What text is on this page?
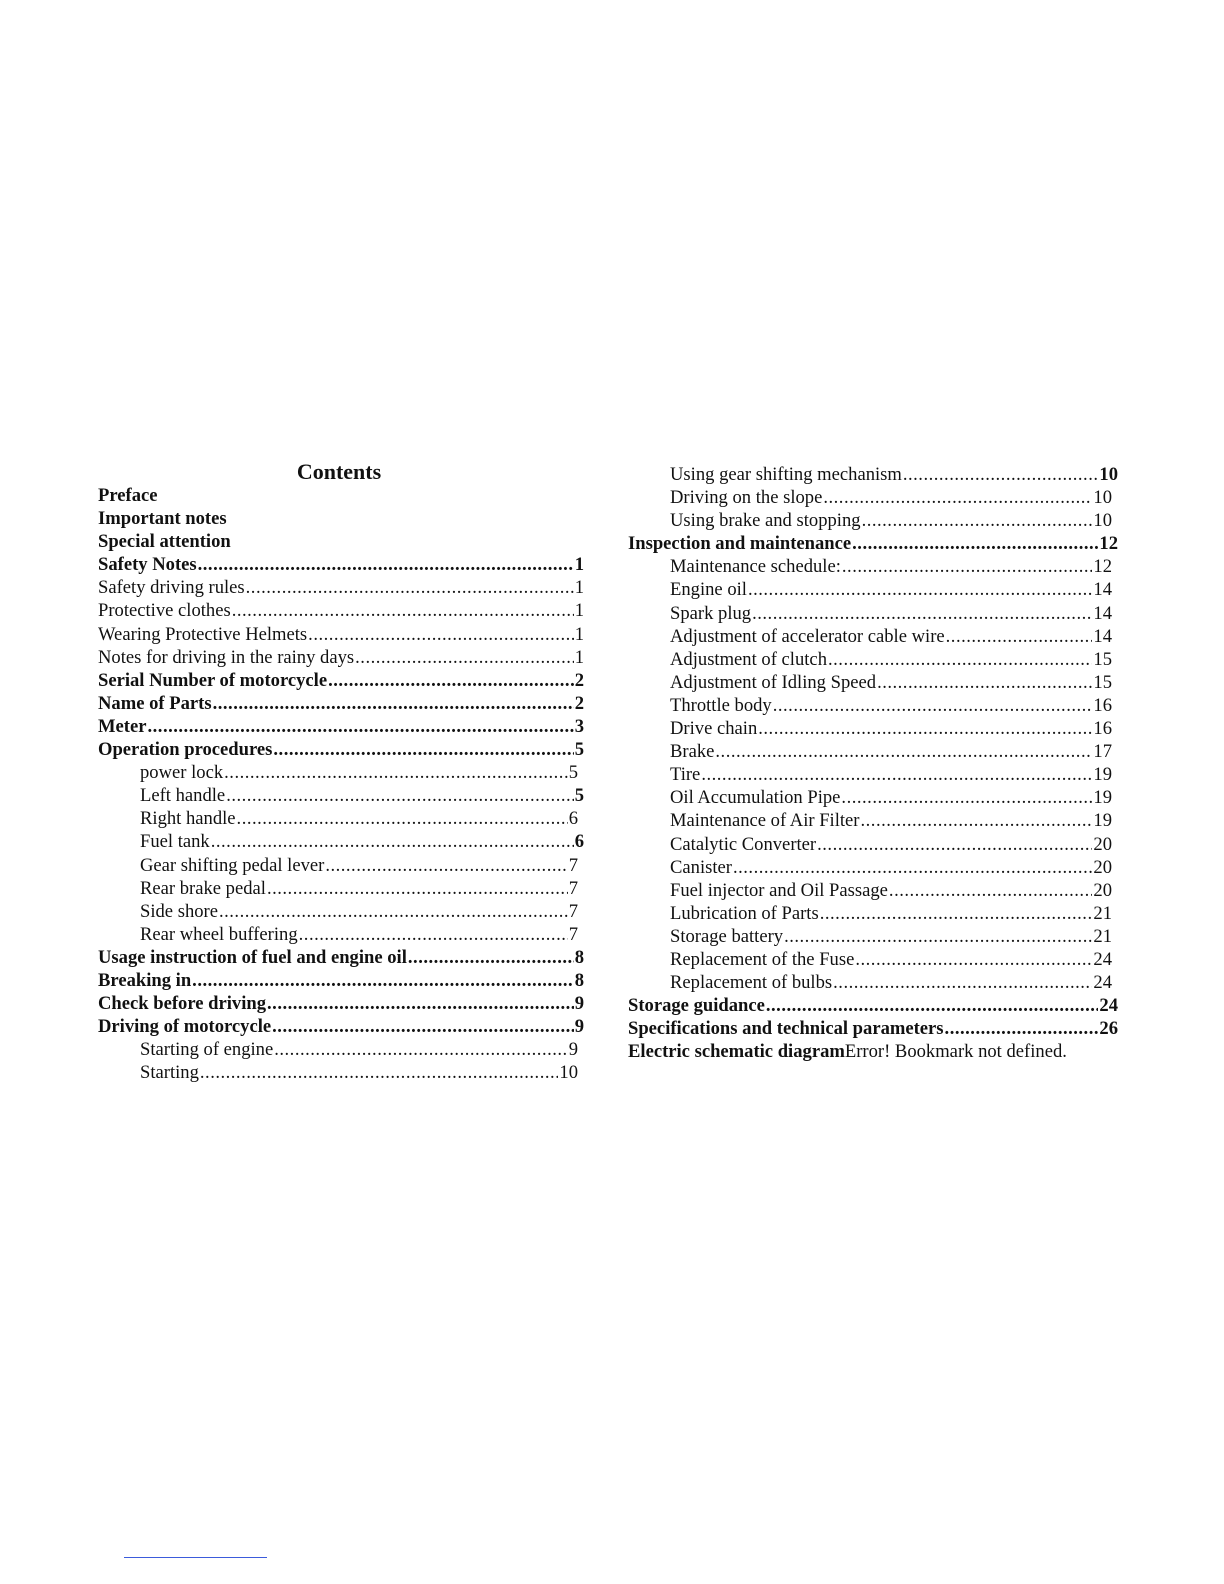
Contents
Preface
Important notes
Special attention
Safety Notes .....	1
Safety driving rules .....	1
Protective clothes .....	1
Wearing Protective Helmets .....	1
Notes for driving in the rainy days .....	1
Serial Number of motorcycle .....	2
Name of Parts .....	2
Meter .....	3
Operation procedures .....	5
power lock .....	5
Left handle .....	5
Right handle .....	6
Fuel tank .....	6
Gear shifting pedal lever .....	7
Rear brake pedal .....	7
Side shore .....	7
Rear wheel buffering .....	7
Usage instruction of fuel and engine oil .....	8
Breaking in .....	8
Check before driving .....	9
Driving of motorcycle .....	9
Starting of engine .....	9
Starting .....	10
Using gear shifting mechanism .....	10
Driving on the slope .....	10
Using brake and stopping .....	10
Inspection and maintenance .....	12
Maintenance schedule: .....	12
Engine oil .....	14
Spark plug .....	14
Adjustment of accelerator cable wire .....	14
Adjustment of clutch .....	15
Adjustment of Idling Speed .....	15
Throttle body .....	16
Drive chain .....	16
Brake .....	17
Tire .....	19
Oil Accumulation Pipe .....	19
Maintenance of Air Filter .....	19
Catalytic Converter .....	20
Canister .....	20
Fuel injector and Oil Passage .....	20
Lubrication of Parts .....	21
Storage battery .....	21
Replacement of the Fuse .....	24
Replacement of bulbs .....	24
Storage guidance .....	24
Specifications and technical parameters .....	26
Electric schematic diagram Error! Bookmark not defined.
